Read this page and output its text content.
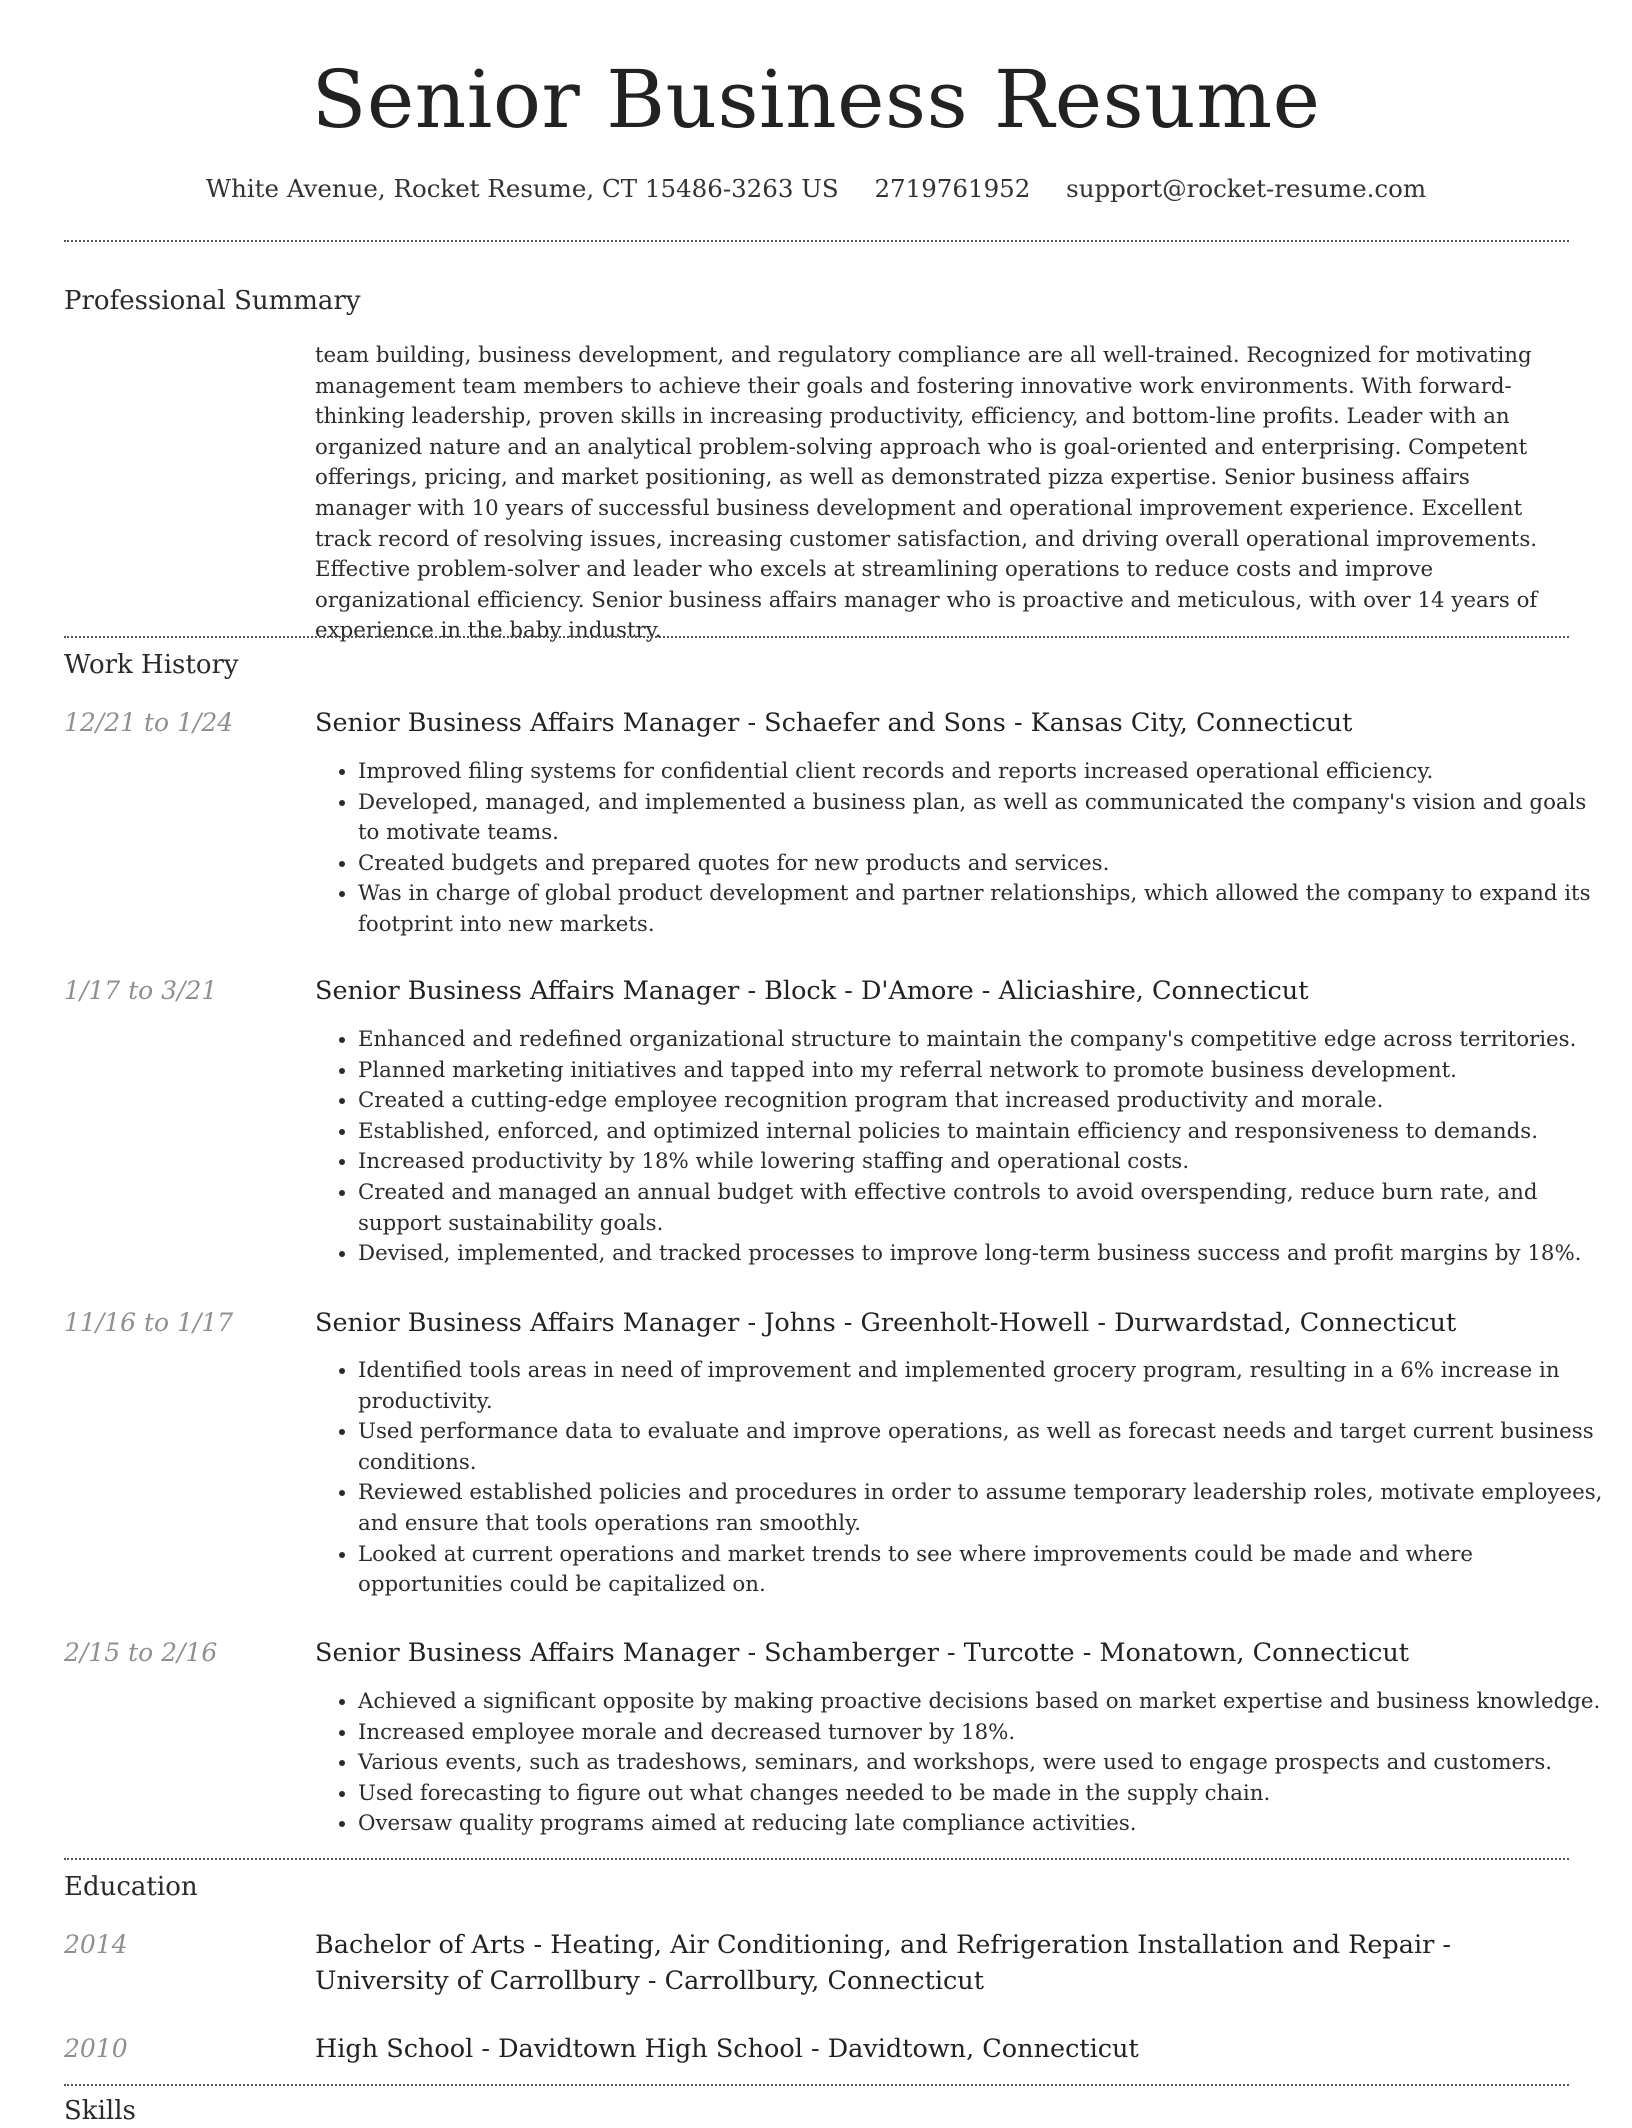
Senior Business Resume
White Avenue, Rocket Resume, CT 15486-3263 US 2719761952 support@rocket-resume.com
Professional Summary

team building, business development, and regulatory compliance are all well-trained. Recognized for motivating management team members to achieve their goals and fostering innovative work environments. With forward-thinking leadership, proven skills in increasing productivity, efficiency, and bottom-line profits. Leader with an organized nature and an analytical problem-solving approach who is goal-oriented and enterprising. Competent offerings, pricing, and market positioning, as well as demonstrated pizza expertise. Senior business affairs manager with 10 years of successful business development and operational improvement experience. Excellent track record of resolving issues, increasing customer satisfaction, and driving overall operational improvements. Effective problem-solver and leader who excels at streamlining operations to reduce costs and improve organizational efficiency. Senior business affairs manager who is proactive and meticulous, with over 14 years of experience in the baby industry.

Work History
12/21 to 1/24	Senior Business Affairs Manager - Schaefer and Sons - Kansas City, Connecticut
• Improved filing systems for confidential client records and reports increased operational efficiency.
• Developed, managed, and implemented a business plan, as well as communicated the company's vision and goals to motivate teams.
• Created budgets and prepared quotes for new products and services.
• Was in charge of global product development and partner relationships, which allowed the company to expand its footprint into new markets.
1/17 to 3/21	Senior Business Affairs Manager - Block - D'Amore - Aliciashire, Connecticut
• Enhanced and redefined organizational structure to maintain the company's competitive edge across territories.
• Planned marketing initiatives and tapped into my referral network to promote business development.
• Created a cutting-edge employee recognition program that increased productivity and morale.
• Established, enforced, and optimized internal policies to maintain efficiency and responsiveness to demands.
• Increased productivity by 18% while lowering staffing and operational costs.
• Created and managed an annual budget with effective controls to avoid overspending, reduce burn rate, and support sustainability goals.
• Devised, implemented, and tracked processes to improve long-term business success and profit margins by 18%.
11/16 to 1/17	Senior Business Affairs Manager - Johns - Greenholt-Howell - Durwardstad, Connecticut
• Identified tools areas in need of improvement and implemented grocery program, resulting in a 6% increase in productivity.
• Used performance data to evaluate and improve operations, as well as forecast needs and target current business conditions.
• Reviewed established policies and procedures in order to assume temporary leadership roles, motivate employees, and ensure that tools operations ran smoothly.
• Looked at current operations and market trends to see where improvements could be made and where opportunities could be capitalized on.
2/15 to 2/16	Senior Business Affairs Manager - Schamberger - Turcotte - Monatown, Connecticut
• Achieved a significant opposite by making proactive decisions based on market expertise and business knowledge.
• Increased employee morale and decreased turnover by 18%.
• Various events, such as tradeshows, seminars, and workshops, were used to engage prospects and customers.
• Used forecasting to figure out what changes needed to be made in the supply chain.
• Oversaw quality programs aimed at reducing late compliance activities.
Education
2014	Bachelor of Arts - Heating, Air Conditioning, and Refrigeration Installation and Repair - University of Carrollbury - Carrollbury, Connecticut
2010	High School - Davidtown High School - Davidtown, Connecticut
Skills
